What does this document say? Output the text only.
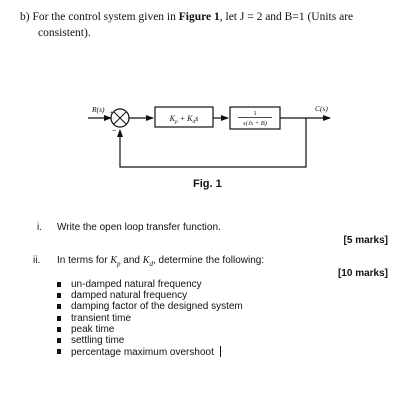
b) For the control system given in Figure 1, let J = 2 and B=1 (Units are
consistent).
R(s) +
−
$K_p + K_ds$
1
s(Js + B)
C(s)
Fig. 1
i. Write the open loop transfer function.
[5 marks]
ii. In terms for $K_p$ and $K_d$, determine the following:
[10 marks]
un-damped natural frequency
damped natural frequency
damping factor of the designed system
transient time
peak time
settling time
percentage maximum overshoot
